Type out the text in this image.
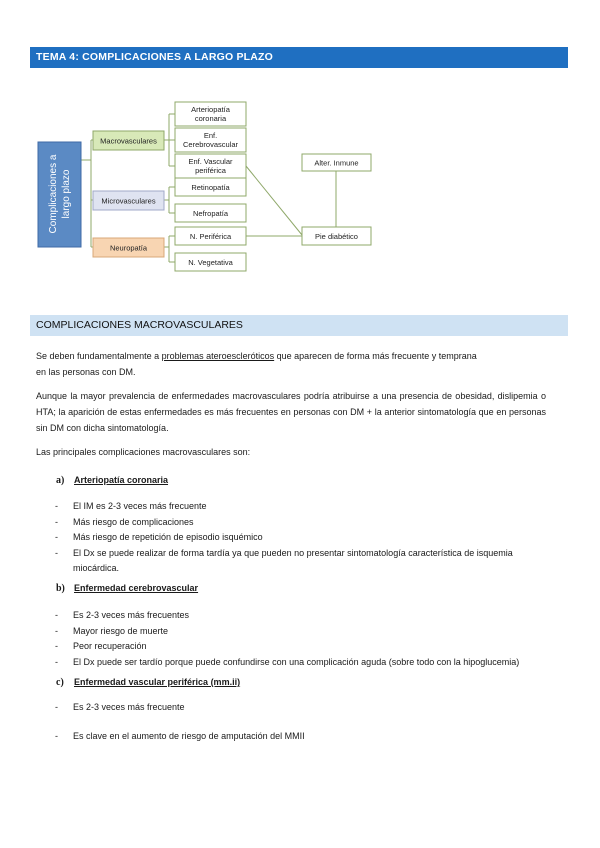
TEMA 4: COMPLICACIONES A LARGO PLAZO
Complicaciones a largo plazo
Macrovasculares
Microvasculares
Neuropatía
Arteriopatía
coronaria
Enf.
Cerebrovascular
Enf. Vascular
periférica
Retinopatía
Nefropatía
N. Periférica
N. Vegetativa
Alter. Inmune
Pie diabético
COMPLICACIONES MACROVASCULARES
Se deben fundamentalmente a problemas ateroescleróticos que aparecen de forma más frecuente y temprana
en las personas con DM.
Aunque la mayor prevalencia de enfermedades macrovasculares podría atribuirse a una presencia de obesidad, dislipemia o HTA; la aparición de estas enfermedades es más frecuentes en personas con DM + la anterior sintomatología que en personas sin DM con dicha sintomatología.
Las principales complicaciones macrovasculares son:
a) Arteriopatía coronaria
- El IM es 2-3 veces más frecuente
- Más riesgo de complicaciones
- Más riesgo de repetición de episodio isquémico
- El Dx se puede realizar de forma tardía ya que pueden no presentar sintomatología característica de isquemia miocárdica.
b) Enfermedad cerebrovascular
- Es 2-3 veces más frecuentes
- Mayor riesgo de muerte
- Peor recuperación
- El Dx puede ser tardío porque puede confundirse con una complicación aguda (sobre todo con la hipoglucemia)
c) Enfermedad vascular periférica (mm.ii)
- Es 2-3 veces más frecuente
- Es clave en el aumento de riesgo de amputación del MMII
